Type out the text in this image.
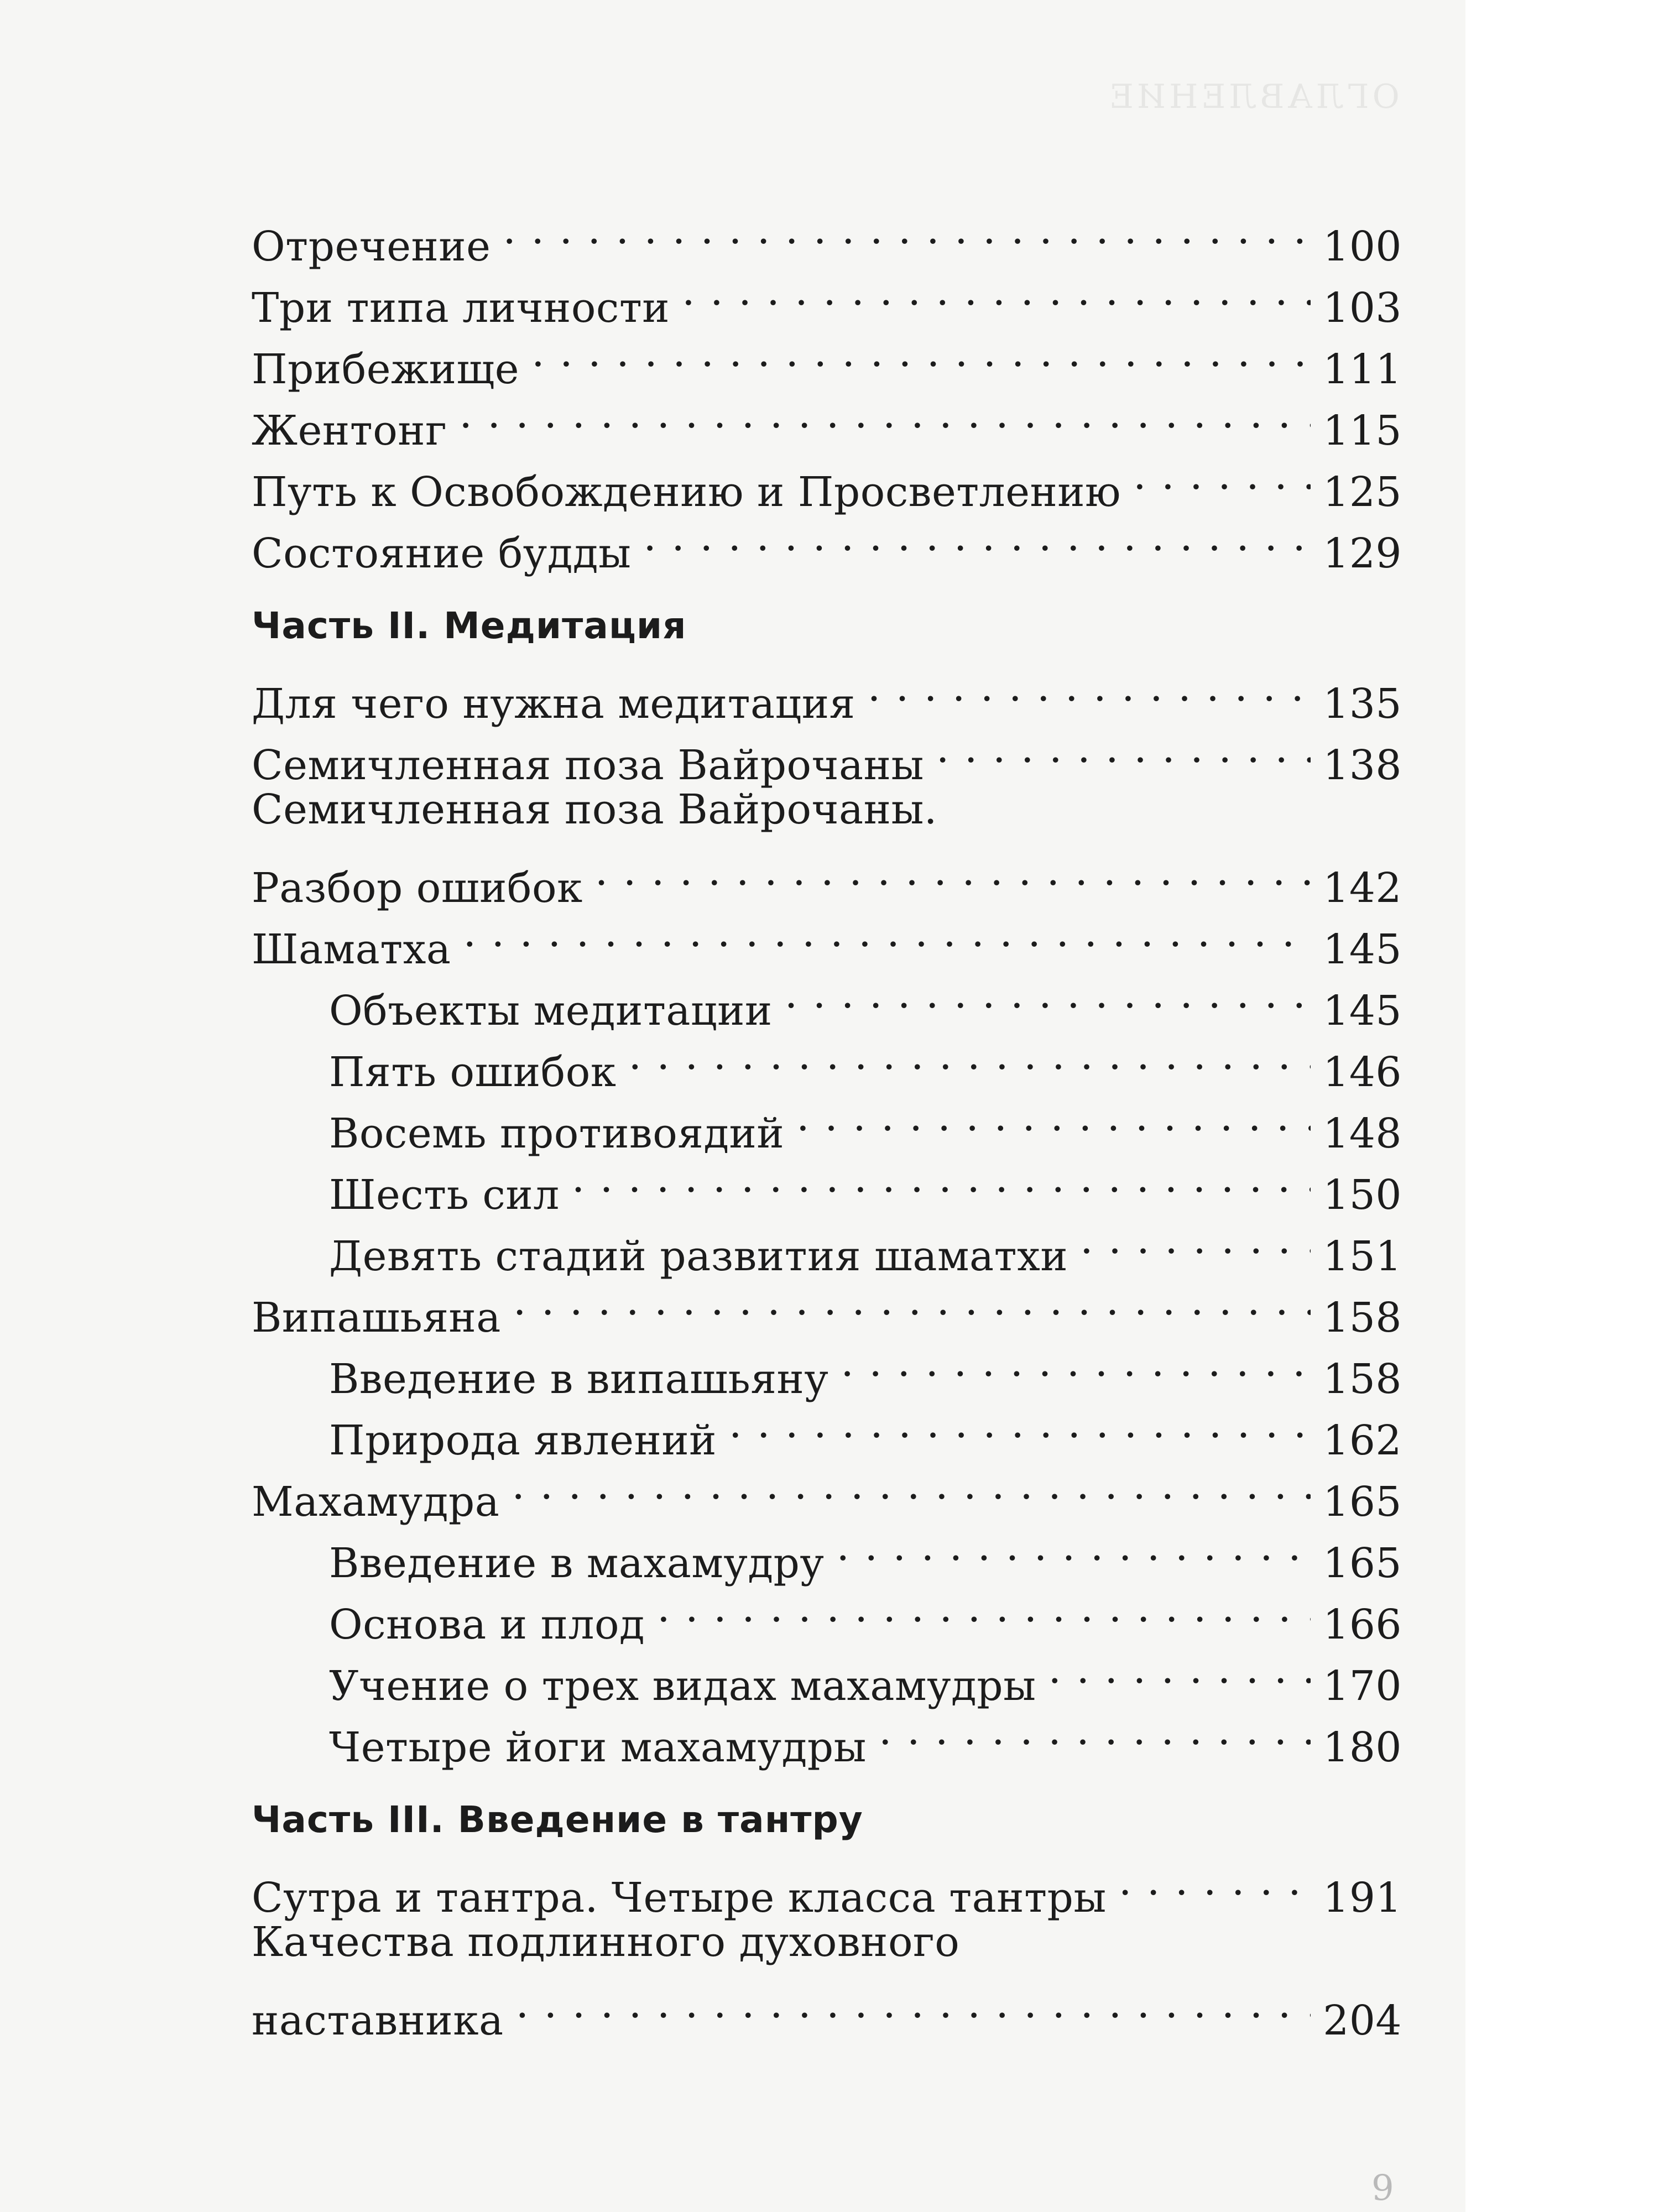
ОГЛАВЛЕНИЕ
Отречение . . .	100
Три типа личности . . .	103
Прибежище . . .	111
Жентонг . . .	115
Путь к Освобождению и Просветлению . . .	125
Состояние будды . . .	129
Часть II. Медитация
Для чего нужна медитация . . .	135
Семичленная поза Вайрочаны . . .	138
Семичленная поза Вайрочаны.
Разбор ошибок . . .	142
Шаматха . . .	145
Объекты медитации . . .	145
Пять ошибок . . .	146
Восемь противоядий . . .	148
Шесть сил . . .	150
Девять стадий развития шаматхи . . .	151
Випашьяна . . .	158
Введение в випашьяну . . .	158
Природа явлений . . .	162
Махамудра . . .	165
Введение в махамудру . . .	165
Основа и плод . . .	166
Учение о трех видах махамудры . . .	170
Четыре йоги махамудры . . .	180
Часть III. Введение в тантру
Сутра и тантра. Четыре класса тантры . . .	191
Качества подлинного духовного
наставника . . .	204
9
